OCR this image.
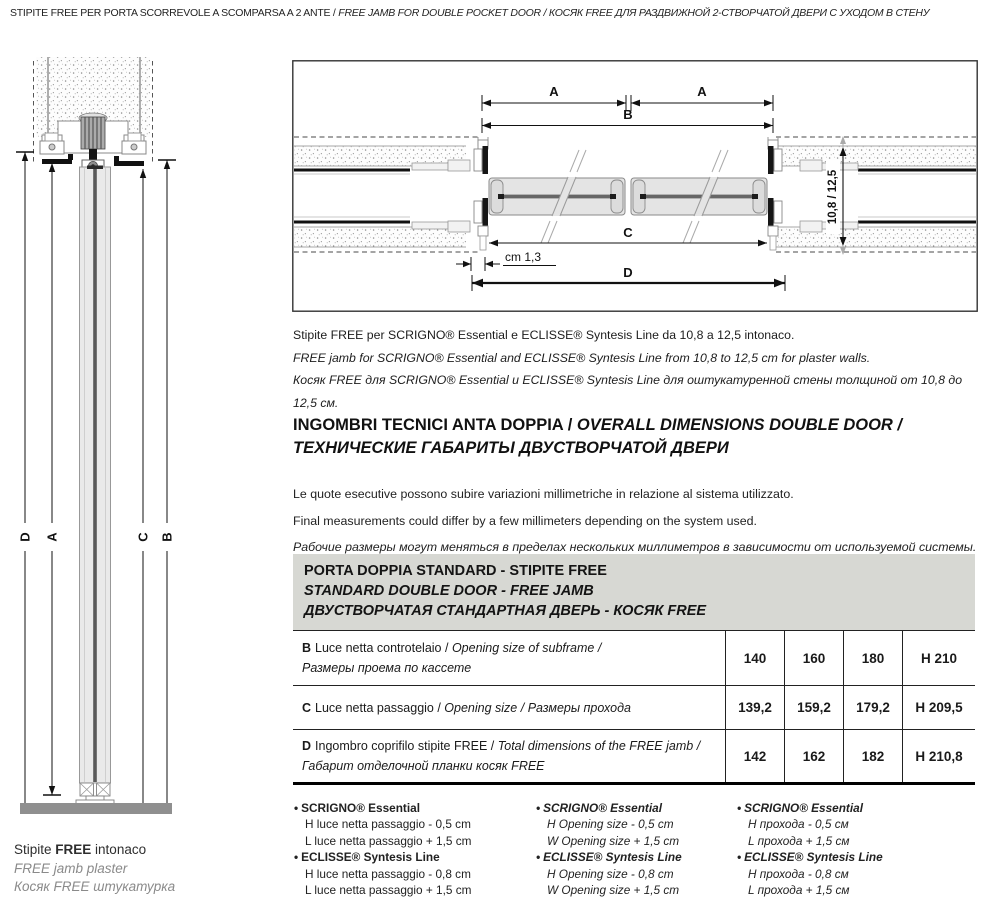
STIPITE FREE PER PORTA SCORREVOLE A SCOMPARSA A 2 ANTE / FREE JAMB FOR DOUBLE POCKET DOOR / КОСЯК FREE ДЛЯ РАЗДВИЖНОЙ 2-СТВОРЧАТОЙ ДВЕРИ С УХОДОМ В СТЕНУ
D A	C B
A	A
B
C
cm 1,3
D
10,8 / 12,5
Stipite FREE per SCRIGNO® Essential e ECLISSE® Syntesis Line da 10,8 a 12,5 intonaco.
FREE jamb for SCRIGNO® Essential and ECLISSE® Syntesis Line from 10,8 to 12,5 cm for plaster walls.
Косяк FREE для SCRIGNO® Essential и ECLISSE® Syntesis Line для оштукатуренной стены толщиной от 10,8 до 12,5 см.
INGOMBRI TECNICI ANTA DOPPIA / OVERALL DIMENSIONS DOUBLE DOOR /
ТЕХНИЧЕСКИЕ ГАБАРИТЫ ДВУСТВОРЧАТОЙ ДВЕРИ
Le quote esecutive possono subire variazioni millimetriche in relazione al sistema utilizzato.
Final measurements could differ by a few millimeters depending on the system used.
Рабочие размеры могут меняться в пределах нескольких миллиметров в зависимости от используемой системы.
PORTA DOPPIA STANDARD - STIPITE FREE
STANDARD DOUBLE DOOR - FREE JAMB
ДВУСТВОРЧАТАЯ СТАНДАРТНАЯ ДВЕРЬ - КОСЯК FREE
B Luce netta controtelaio / Opening size of subframe /
Размеры проема по кассете
140	160	180	H 210
C Luce netta passaggio / Opening size / Размеры прохода	139,2	159,2	179,2	H 209,5
D Ingombro coprifilo stipite FREE / Total dimensions of the FREE jamb / Габарит отделочной планки косяк FREE
142	162	182	H 210,8
• SCRIGNO® Essential
H luce netta passaggio - 0,5 cm
L luce netta passaggio + 1,5 cm
• ECLISSE® Syntesis Line
H luce netta passaggio - 0,8 cm
L luce netta passaggio + 1,5 cm
• SCRIGNO® Essential
H Opening size - 0,5 cm
W Opening size + 1,5 cm
• ECLISSE® Syntesis Line
H Opening size - 0,8 cm
W Opening size + 1,5 cm
• SCRIGNO® Essential
H прохода - 0,5 см
L прохода + 1,5 см
• ECLISSE® Syntesis Line
H прохода - 0,8 см
L прохода + 1,5 см
Stipite FREE intonaco
FREE jamb plaster
Косяк FREE штукатурка
